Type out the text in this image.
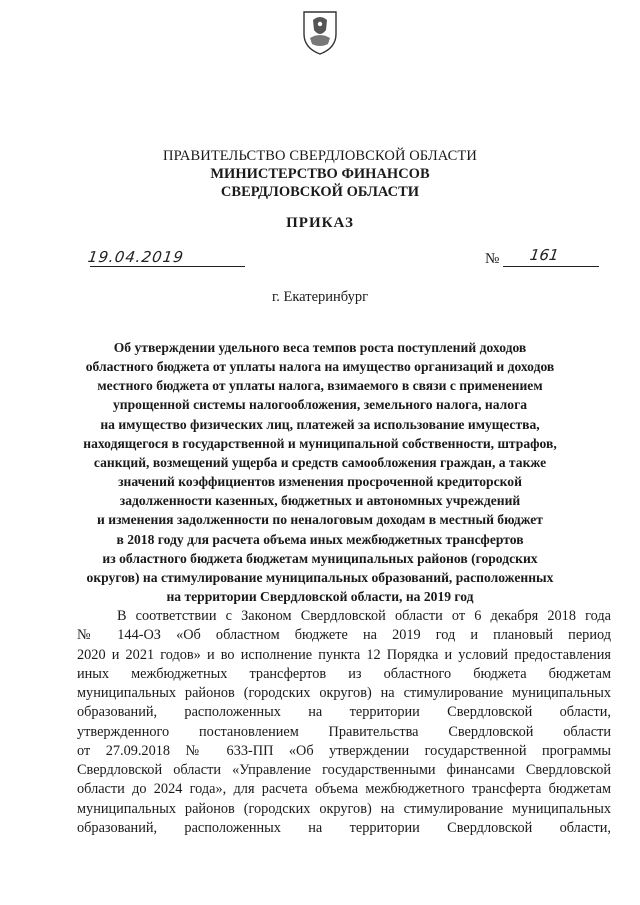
ПРАВИТЕЛЬСТВО СВЕРДЛОВСКОЙ ОБЛАСТИ
МИНИСТЕРСТВО ФИНАНСОВ
СВЕРДЛОВСКОЙ ОБЛАСТИ
ПРИКАЗ
19.04.2019	№ 161
г. Екатеринбург
Об утверждении удельного веса темпов роста поступлений доходов
областного бюджета от уплаты налога на имущество организаций и доходов
местного бюджета от уплаты налога, взимаемого в связи с применением
упрощенной системы налогообложения, земельного налога, налога
на имущество физических лиц, платежей за использование имущества,
находящегося в государственной и муниципальной собственности, штрафов,
санкций, возмещений ущерба и средств самообложения граждан, а также
значений коэффициентов изменения просроченной кредиторской
задолженности казенных, бюджетных и автономных учреждений
и изменения задолженности по неналоговым доходам в местный бюджет
в 2018 году для расчета объема иных межбюджетных трансфертов
из областного бюджета бюджетам муниципальных районов (городских
округов) на стимулирование муниципальных образований, расположенных
на территории Свердловской области, на 2019 год
В соответствии с Законом Свердловской области от 6 декабря 2018 года
№ 144-ОЗ «Об областном бюджете на 2019 год и плановый период
2020 и 2021 годов» и во исполнение пункта 12 Порядка и условий предоставления
иных межбюджетных трансфертов из областного бюджета бюджетам
муниципальных районов (городских округов) на стимулирование муниципальных
образований, расположенных на территории Свердловской области,
утвержденного постановлением Правительства Свердловской области
от 27.09.2018 № 633-ПП «Об утверждении государственной программы
Свердловской области «Управление государственными финансами Свердловской
области до 2024 года», для расчета объема межбюджетного трансферта бюджетам
муниципальных районов (городских округов) на стимулирование муниципальных
образований, расположенных на территории Свердловской области,
